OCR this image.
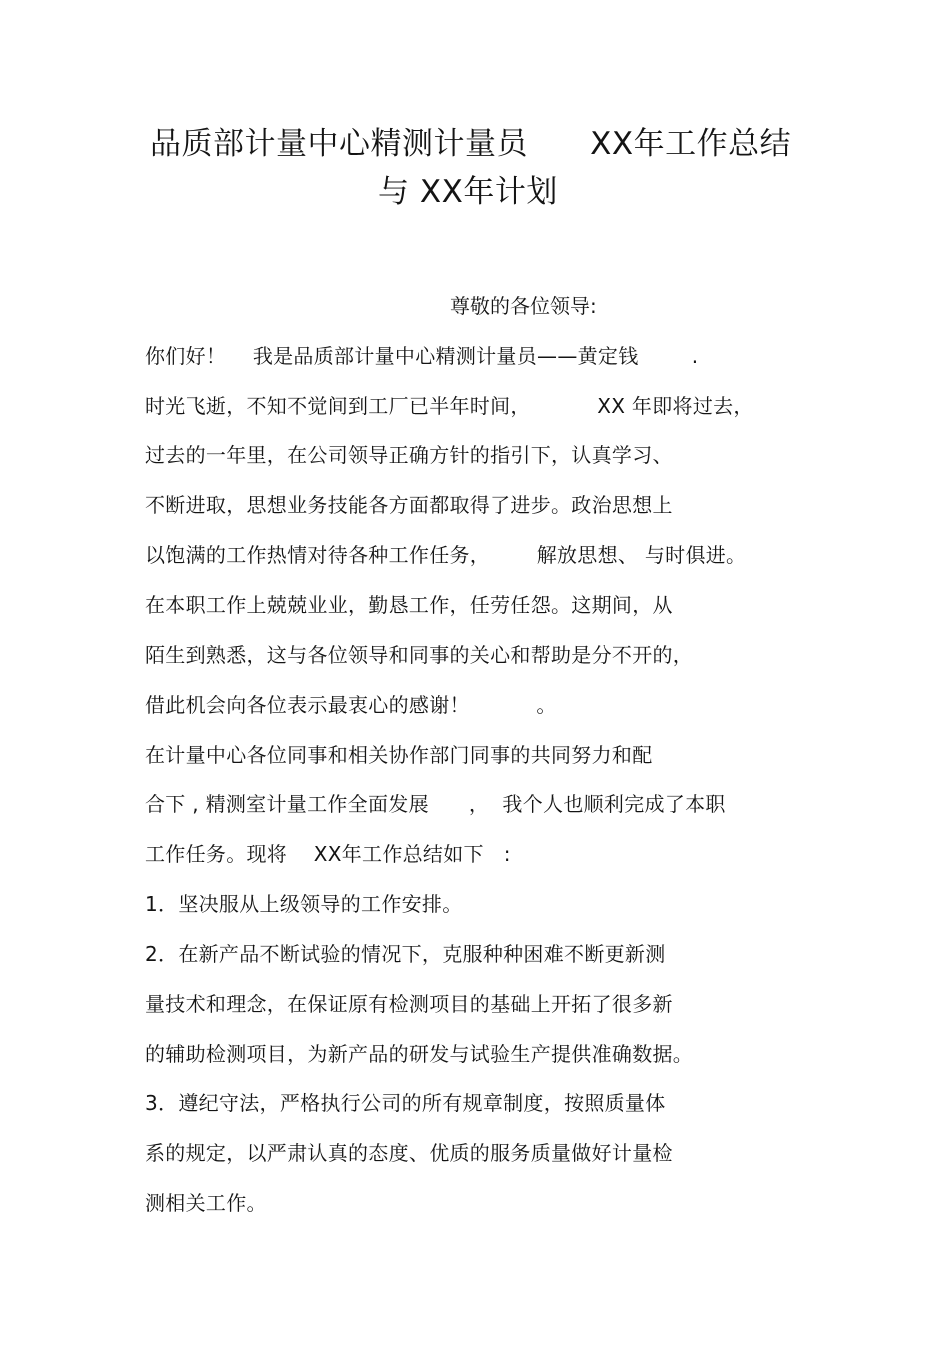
品质部计量中心精测计量员      XX年工作总结
与 XX年计划
尊敬的各位领导:
你们好！    我是品质部计量中心精测计量员——黄定钱        .
时光飞逝，不知不觉间到工厂已半年时间，          XX 年即将过去，
过去的一年里，在公司领导正确方针的指引下，认真学习、
不断进取，思想业务技能各方面都取得了进步。政治思想上
以饱满的工作热情对待各种工作任务，       解放思想、 与时俱进。
在本职工作上兢兢业业，勤恳工作，任劳任怨。这期间，从
陌生到熟悉，这与各位领导和同事的关心和帮助是分不开的，
借此机会向各位表示最衷心的感谢！          。
在计量中心各位同事和相关协作部门同事的共同努力和配
合下 , 精测室计量工作全面发展      ，  我个人也顺利完成了本职
工作任务。现将    XX年工作总结如下   :
1．坚决服从上级领导的工作安排。
2．在新产品不断试验的情况下，克服种种困难不断更新测
量技术和理念，在保证原有检测项目的基础上开拓了很多新
的辅助检测项目，为新产品的研发与试验生产提供准确数据。
3．遵纪守法，严格执行公司的所有规章制度，按照质量体
系的规定，以严肃认真的态度、优质的服务质量做好计量检
测相关工作。
